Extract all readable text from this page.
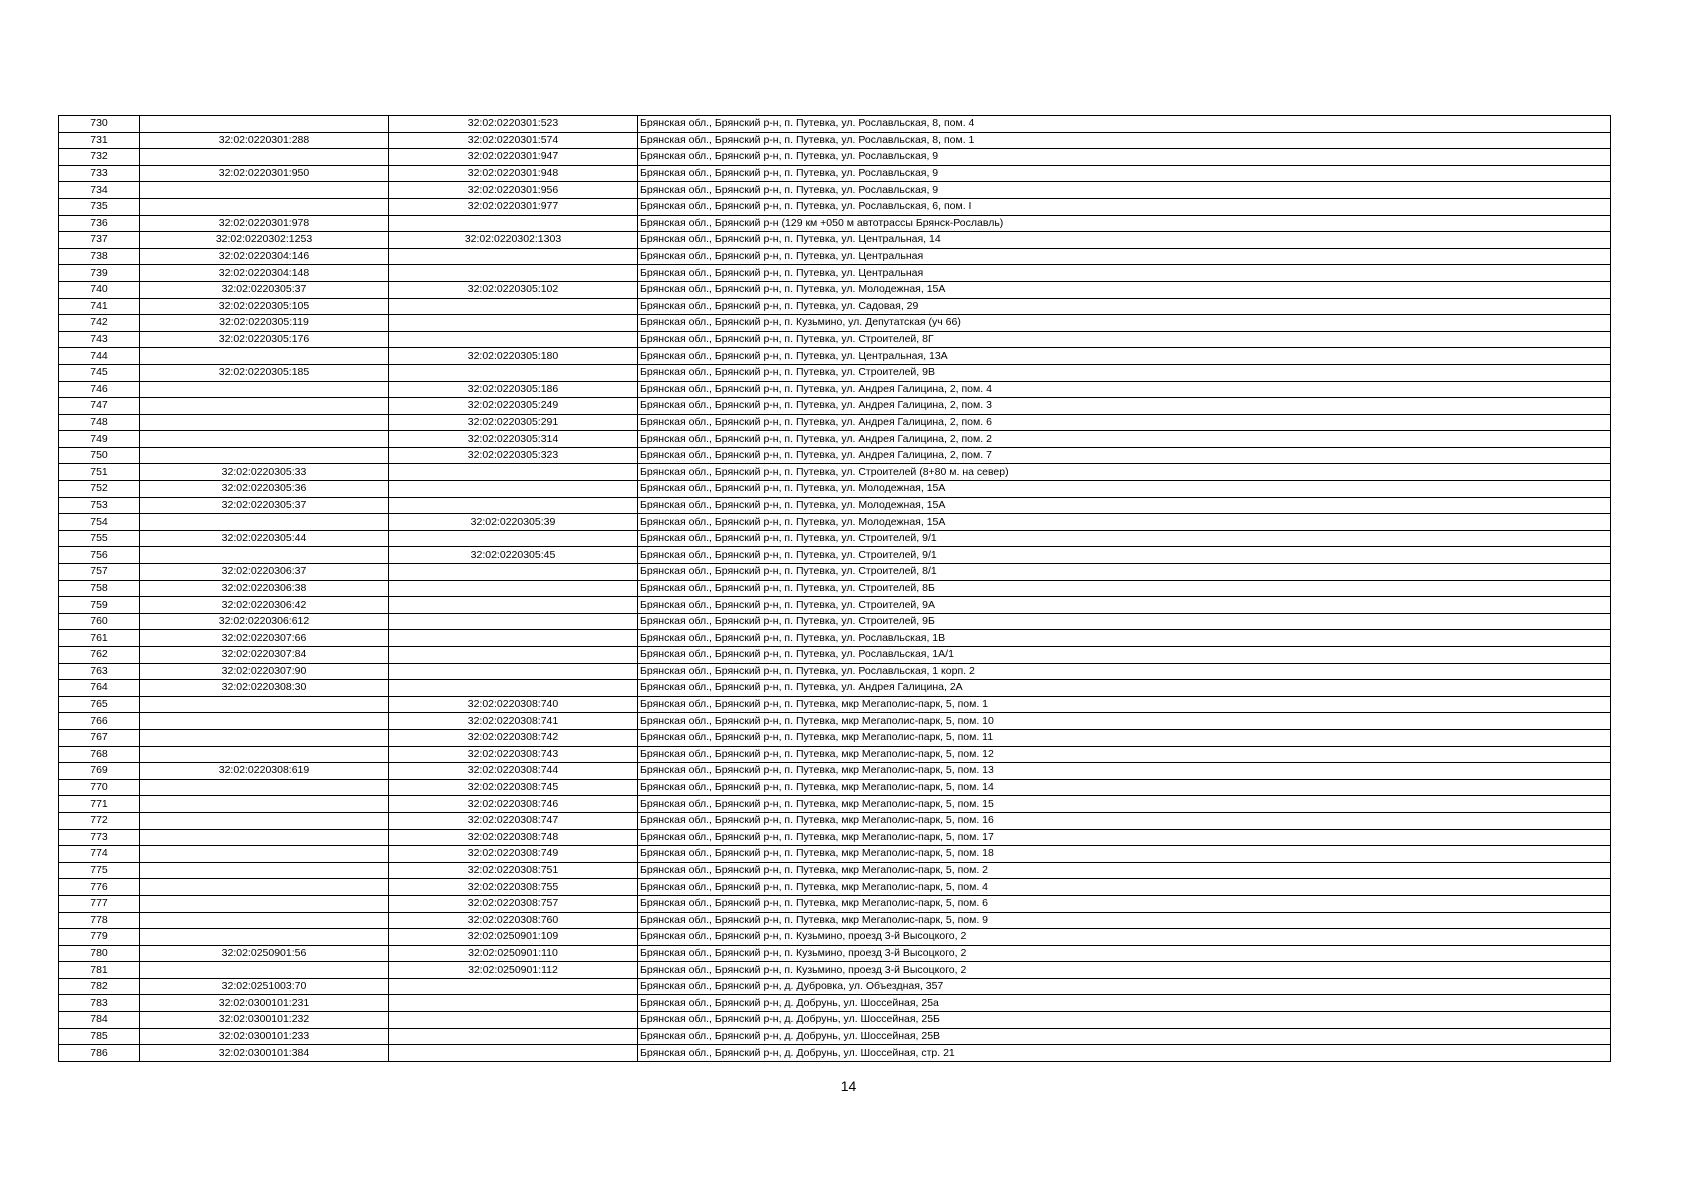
730		32:02:0220301:523	Брянская обл., Брянский р-н, п. Путевка, ул. Рославльская, 8, пом. 4
731	32:02:0220301:288	32:02:0220301:574	Брянская обл., Брянский р-н, п. Путевка, ул. Рославльская, 8, пом. 1
732		32:02:0220301:947	Брянская обл., Брянский р-н, п. Путевка, ул. Рославльская, 9
733	32:02:0220301:950	32:02:0220301:948	Брянская обл., Брянский р-н, п. Путевка, ул. Рославльская, 9
734		32:02:0220301:956	Брянская обл., Брянский р-н, п. Путевка, ул. Рославльская, 9
735		32:02:0220301:977	Брянская обл., Брянский р-н, п. Путевка, ул. Рославльская, 6, пом. I
736	32:02:0220301:978		Брянская обл., Брянский р-н (129 км +050 м автотрассы Брянск-Рославль)
737	32:02:0220302:1253	32:02:0220302:1303	Брянская обл., Брянский р-н, п. Путевка, ул. Центральная, 14
738	32:02:0220304:146		Брянская обл., Брянский р-н, п. Путевка, ул. Центральная
739	32:02:0220304:148		Брянская обл., Брянский р-н, п. Путевка, ул. Центральная
740	32:02:0220305:37	32:02:0220305:102	Брянская обл., Брянский р-н, п. Путевка, ул. Молодежная, 15А
741	32:02:0220305:105		Брянская обл., Брянский р-н, п. Путевка, ул. Садовая, 29
742	32:02:0220305:119		Брянская обл., Брянский р-н, п. Кузьмино, ул. Депутатская (уч 66)
743	32:02:0220305:176		Брянская обл., Брянский р-н, п. Путевка, ул. Строителей, 8Г
744		32:02:0220305:180	Брянская обл., Брянский р-н, п. Путевка, ул. Центральная, 13А
745	32:02:0220305:185		Брянская обл., Брянский р-н, п. Путевка, ул. Строителей, 9В
746		32:02:0220305:186	Брянская обл., Брянский р-н, п. Путевка, ул. Андрея Галицина, 2, пом. 4
747		32:02:0220305:249	Брянская обл., Брянский р-н, п. Путевка, ул. Андрея Галицина, 2, пом. 3
748		32:02:0220305:291	Брянская обл., Брянский р-н, п. Путевка, ул. Андрея Галицина, 2, пом. 6
749		32:02:0220305:314	Брянская обл., Брянский р-н, п. Путевка, ул. Андрея Галицина, 2, пом. 2
750		32:02:0220305:323	Брянская обл., Брянский р-н, п. Путевка, ул. Андрея Галицина, 2, пом. 7
751	32:02:0220305:33		Брянская обл., Брянский р-н, п. Путевка, ул. Строителей (8+80 м. на север)
752	32:02:0220305:36		Брянская обл., Брянский р-н, п. Путевка, ул. Молодежная, 15А
753	32:02:0220305:37		Брянская обл., Брянский р-н, п. Путевка, ул. Молодежная, 15А
754		32:02:0220305:39	Брянская обл., Брянский р-н, п. Путевка, ул. Молодежная, 15А
755	32:02:0220305:44		Брянская обл., Брянский р-н, п. Путевка, ул. Строителей, 9/1
756		32:02:0220305:45	Брянская обл., Брянский р-н, п. Путевка, ул. Строителей, 9/1
757	32:02:0220306:37		Брянская обл., Брянский р-н, п. Путевка, ул. Строителей, 8/1
758	32:02:0220306:38		Брянская обл., Брянский р-н, п. Путевка, ул. Строителей, 8Б
759	32:02:0220306:42		Брянская обл., Брянский р-н, п. Путевка, ул. Строителей, 9А
760	32:02:0220306:612		Брянская обл., Брянский р-н, п. Путевка, ул. Строителей, 9Б
761	32:02:0220307:66		Брянская обл., Брянский р-н, п. Путевка, ул. Рославльская, 1В
762	32:02:0220307:84		Брянская обл., Брянский р-н, п. Путевка, ул. Рославльская, 1А/1
763	32:02:0220307:90		Брянская обл., Брянский р-н, п. Путевка, ул. Рославльская, 1 корп. 2
764	32:02:0220308:30		Брянская обл., Брянский р-н, п. Путевка, ул. Андрея Галицина, 2А
765		32:02:0220308:740	Брянская обл., Брянский р-н, п. Путевка, мкр Мегаполис-парк, 5, пом. 1
766		32:02:0220308:741	Брянская обл., Брянский р-н, п. Путевка, мкр Мегаполис-парк, 5, пом. 10
767		32:02:0220308:742	Брянская обл., Брянский р-н, п. Путевка, мкр Мегаполис-парк, 5, пом. 11
768		32:02:0220308:743	Брянская обл., Брянский р-н, п. Путевка, мкр Мегаполис-парк, 5, пом. 12
769	32:02:0220308:619	32:02:0220308:744	Брянская обл., Брянский р-н, п. Путевка, мкр Мегаполис-парк, 5, пом. 13
770		32:02:0220308:745	Брянская обл., Брянский р-н, п. Путевка, мкр Мегаполис-парк, 5, пом. 14
771		32:02:0220308:746	Брянская обл., Брянский р-н, п. Путевка, мкр Мегаполис-парк, 5, пом. 15
772		32:02:0220308:747	Брянская обл., Брянский р-н, п. Путевка, мкр Мегаполис-парк, 5, пом. 16
773		32:02:0220308:748	Брянская обл., Брянский р-н, п. Путевка, мкр Мегаполис-парк, 5, пом. 17
774		32:02:0220308:749	Брянская обл., Брянский р-н, п. Путевка, мкр Мегаполис-парк, 5, пом. 18
775		32:02:0220308:751	Брянская обл., Брянский р-н, п. Путевка, мкр Мегаполис-парк, 5, пом. 2
776		32:02:0220308:755	Брянская обл., Брянский р-н, п. Путевка, мкр Мегаполис-парк, 5, пом. 4
777		32:02:0220308:757	Брянская обл., Брянский р-н, п. Путевка, мкр Мегаполис-парк, 5, пом. 6
778		32:02:0220308:760	Брянская обл., Брянский р-н, п. Путевка, мкр Мегаполис-парк, 5, пом. 9
779		32:02:0250901:109	Брянская обл., Брянский р-н, п. Кузьмино, проезд 3-й Высоцкого, 2
780	32:02:0250901:56	32:02:0250901:110	Брянская обл., Брянский р-н, п. Кузьмино, проезд 3-й Высоцкого, 2
781		32:02:0250901:112	Брянская обл., Брянский р-н, п. Кузьмино, проезд 3-й Высоцкого, 2
782	32:02:0251003:70		Брянская обл., Брянский р-н, д. Дубровка, ул. Объездная, 357
783	32:02:0300101:231		Брянская обл., Брянский р-н, д. Добрунь, ул. Шоссейная, 25а
784	32:02:0300101:232		Брянская обл., Брянский р-н, д. Добрунь, ул. Шоссейная, 25Б
785	32:02:0300101:233		Брянская обл., Брянский р-н, д. Добрунь, ул. Шоссейная, 25В
786	32:02:0300101:384		Брянская обл., Брянский р-н, д. Добрунь, ул. Шоссейная, стр. 21
14
